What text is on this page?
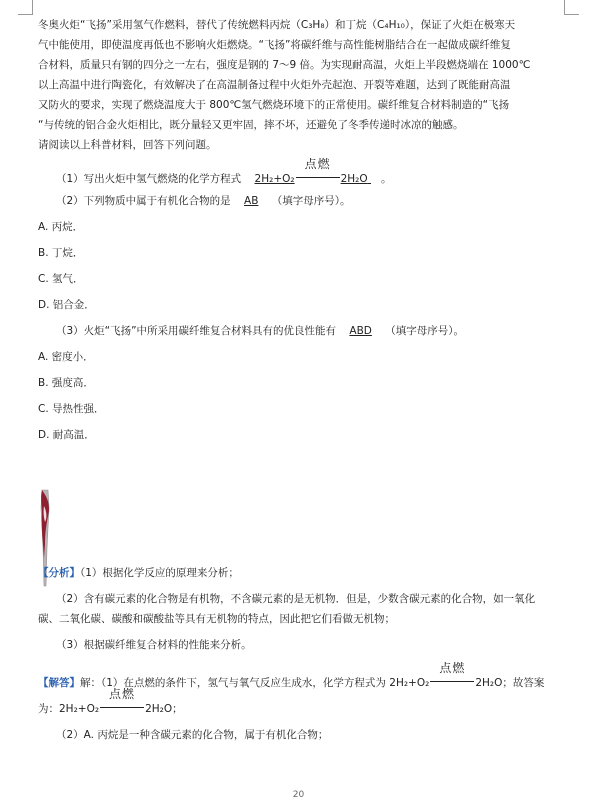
冬奥火炬“飞扬”采用氢气作燃料，替代了传统燃料丙烷（C₃H₈）和丁烷（C₄H₁₀），保证了火炬在极寒天
气中能使用，即使温度再低也不影响火炬燃烧。“飞扬”将碳纤维与高性能树脂结合在一起做成碳纤维复
合材料，质量只有钢的四分之一左右，强度是钢的 7～9 倍。为实现耐高温，火炬上半段燃烧端在 1000℃
以上高温中进行陶瓷化，有效解决了在高温制备过程中火炬外壳起泡、开裂等难题，达到了既能耐高温
又防火的要求，实现了燃烧温度大于 800℃氢气燃烧环境下的正常使用。碳纤维复合材料制造的“飞扬
“与传统的铝合金火炬相比，既分量轻又更牢固，摔不坏，还避免了冬季传递时冰凉的触感。
请阅读以上科普材料，回答下列问题。
（1）写出火炬中氢气燃烧的化学方程式 2H₂+O₂
点燃
2H₂O 。
（2）下列物质中属于有机化合物的是 AB （填字母序号）。
A. 丙烷．
B. 丁烷．
C. 氢气．
D. 铝合金．
（3）火炬“飞扬”中所采用碳纤维复合材料具有的优良性能有 ABD （填字母序号）。
A. 密度小．
B. 强度高．
C. 导热性强．
D. 耐高温．
【分析】（1）根据化学反应的原理来分析；
（2）含有碳元素的化合物是有机物，不含碳元素的是无机物．但是，少数含碳元素的化合物，如一氧化
碳、二氧化碳、碳酸和碳酸盐等具有无机物的特点，因此把它们看做无机物；
（3）根据碳纤维复合材料的性能来分析。
【解答】解：（1）在点燃的条件下，氢气与氧气反应生成水，化学方程式为 2H₂+O₂
点燃
2H₂O；故答案
为：2H₂+O₂
点燃
2H₂O；
（2）A. 丙烷是一种含碳元素的化合物，属于有机化合物；
20
